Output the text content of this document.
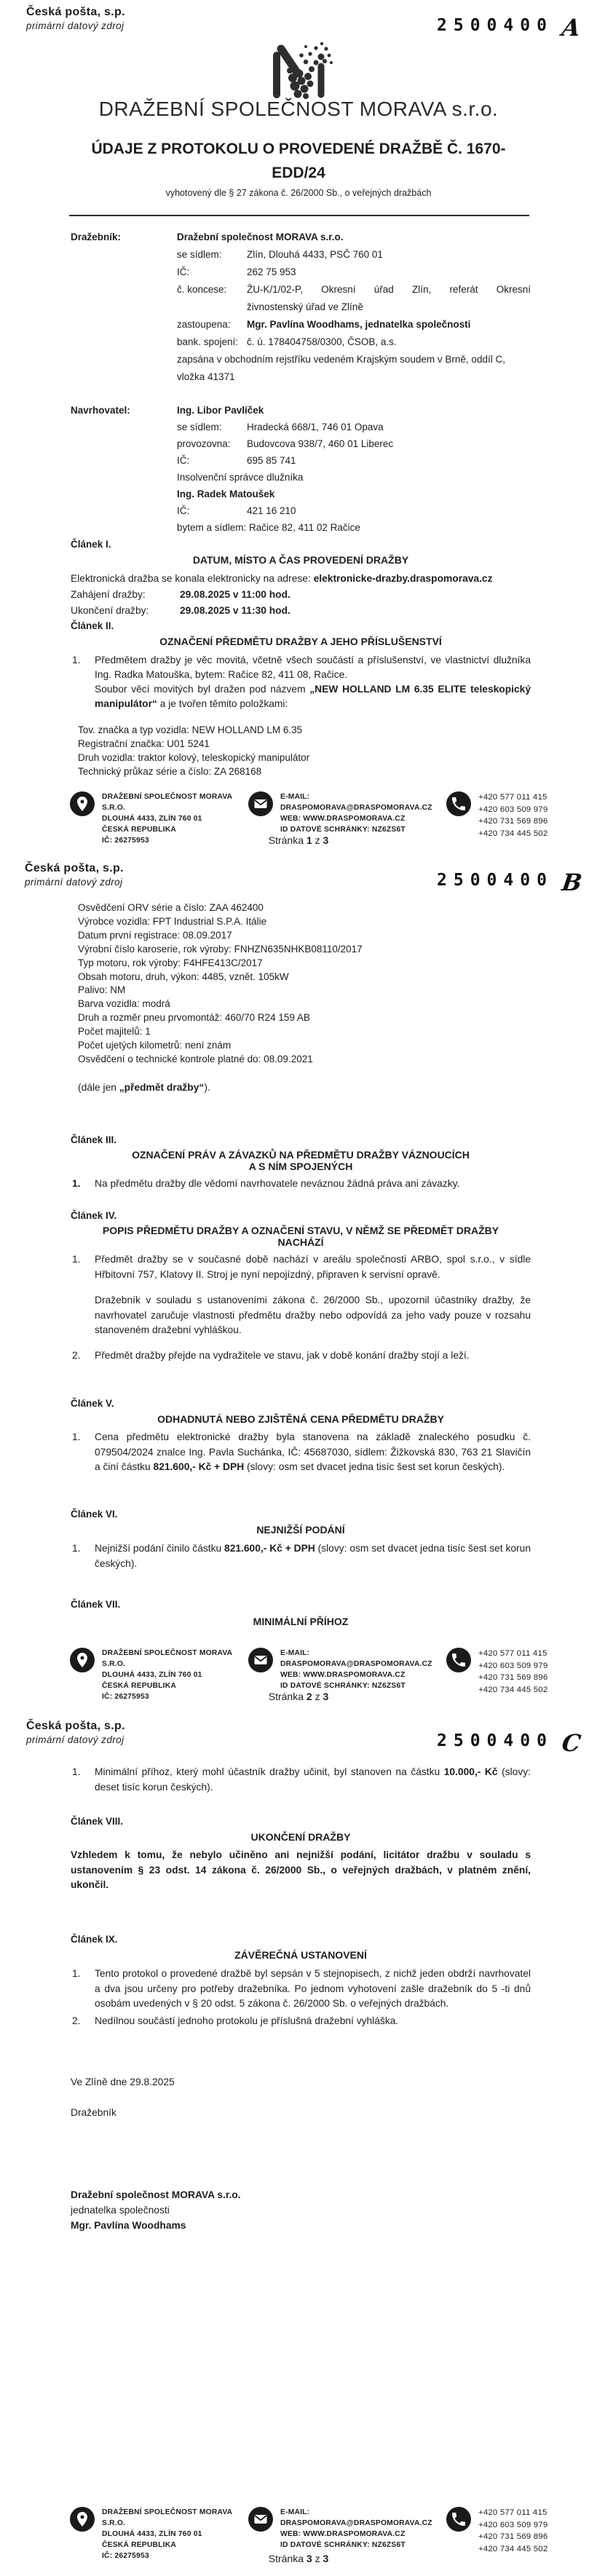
Česká pošta, s.p.
primární datový zdroj	2500400 A
DRAŽEBNÍ SPOLEČNOST MORAVA s.r.o.
ÚDAJE Z PROTOKOLU O PROVEDENÉ DRAŽBĚ Č. 1670-
EDD/24
vyhotovený dle § 27 zákona č. 26/2000 Sb., o veřejných dražbách
Dražebník:	Dražební společnost MORAVA s.r.o.
se sídlem:	Zlín, Dlouhá 4433, PSČ 760 01
IČ:	262 75 953
č. koncese:	ŽU-K/1/02-P, Okresní úřad Zlín, referát Okresní
živnostenský úřad ve Zlíně
zastoupena:	Mgr. Pavlína Woodhams, jednatelka společnosti
bank. spojení: č. ú. 178404758/0300, ČSOB, a.s.
zapsána v obchodním rejstříku vedeném Krajským soudem v Brně, oddíl C,
vložka 41371
Navrhovatel:	Ing. Libor Pavlíček
se sídlem:	Hradecká 668/1, 746 01 Opava
provozovna:	Budovcova 938/7, 460 01 Liberec
IČ:	695 85 741
Insolvenční správce dlužníka
Ing. Radek Matoušek
IČ:	421 16 210
bytem a sídlem: Račice 82, 411 02 Račice
Článek I.
DATUM, MÍSTO A ČAS PROVEDENÍ DRAŽBY
Elektronická dražba se konala elektronicky na adrese: elektronicke-drazby.draspomorava.cz
Zahájení dražby:	29.08.2025 v 11:00 hod.
Ukončení dražby:	29.08.2025 v 11:30 hod.
Článek II.
OZNAČENÍ PŘEDMĚTU DRAŽBY A JEHO PŘÍSLUŠENSTVÍ
1. Předmětem dražby je věc movitá, včetně všech součástí a příslušenství, ve vlastnictví dlužníka Ing. Radka Matouška, bytem: Račice 82, 411 08, Račice.
Soubor věcí movitých byl dražen pod názvem „NEW HOLLAND LM 6.35 ELITE teleskopický manipulátor“ a je tvořen těmito položkami:
Tov. značka a typ vozidla: NEW HOLLAND LM 6.35
Registrační značka: U01 5241
Druh vozidla: traktor kolový, teleskopický manipulátor
Technický průkaz série a číslo: ZA 268168
DRAŽEBNÍ SPOLEČNOST MORAVA S.R.O.
DLOUHÁ 4433, ZLÍN 760 01
ČESKÁ REPUBLIKA
IČ: 26275953
E-MAIL: DRASPOMORAVA@DRASPOMORAVA.CZ
WEB: WWW.DRASPOMORAVA.CZ
ID DATOVÉ SCHRÁNKY: NZ6ZS6T
+420 577 011 415
+420 603 509 979
+420 731 569 896
+420 734 445 502
Stránka 1 z 3
Česká pošta, s.p.
primární datový zdroj	2500400 B
Osvědčení ORV série a číslo: ZAA 462400
Výrobce vozidla: FPT Industrial S.P.A. Itálie
Datum první registrace: 08.09.2017
Výrobní číslo karoserie, rok výroby: FNHZN635NHKB08110/2017
Typ motoru, rok výroby: F4HFE413C/2017
Obsah motoru, druh, výkon: 4485, vznět. 105kW
Palivo: NM
Barva vozidla: modrá
Druh a rozměr pneu prvomontáž: 460/70 R24 159 AB
Počet majitelů: 1
Počet ujetých kilometrů: není znám
Osvědčení o technické kontrole platné do: 08.09.2021
(dále jen „předmět dražby“).
Článek III.
OZNAČENÍ PRÁV A ZÁVAZKŮ NA PŘEDMĚTU DRAŽBY VÁZNOUCÍCH
A S NÍM SPOJENÝCH
1. Na předmětu dražby dle vědomí navrhovatele neváznou žádná práva ani závazky.
Článek IV.
POPIS PŘEDMĚTU DRAŽBY A OZNAČENÍ STAVU, V NĚMŽ SE PŘEDMĚT DRAŽBY
NACHÁZÍ
1. Předmět dražby se v současné době nachází v areálu společnosti ARBO, spol s.r.o., v sídle Hřbitovní 757, Klatovy II. Stroj je nyní nepojízdný, připraven k servisní opravě.
Dražebník v souladu s ustanoveními zákona č. 26/2000 Sb., upozornil účastníky dražby, že navrhovatel zaručuje vlastnosti předmětu dražby nebo odpovídá za jeho vady pouze v rozsahu stanoveném dražební vyhláškou.
2. Předmět dražby přejde na vydražitele ve stavu, jak v době konání dražby stojí a leží.
Článek V.
ODHADNUTÁ NEBO ZJIŠTĚNÁ CENA PŘEDMĚTU DRAŽBY
1. Cena předmětu elektronické dražby byla stanovena na základě znaleckého posudku č. 079504/2024 znalce Ing. Pavla Suchánka, IČ: 45687030, sídlem: Žižkovská 830, 763 21 Slavičín a činí částku 821.600,- Kč + DPH (slovy: osm set dvacet jedna tisíc šest set korun českých).
Článek VI.
NEJNIŽŠÍ PODÁNÍ
1. Nejnižší podání činilo částku 821.600,- Kč + DPH (slovy: osm set dvacet jedna tisíc šest set korun českých).
Článek VII.
MINIMÁLNÍ PŘÍHOZ
DRAŽEBNÍ SPOLEČNOST MORAVA S.R.O.
DLOUHÁ 4433, ZLÍN 760 01
ČESKÁ REPUBLIKA
IČ: 26275953
E-MAIL: DRASPOMORAVA@DRASPOMORAVA.CZ
WEB: WWW.DRASPOMORAVA.CZ
ID DATOVÉ SCHRÁNKY: NZ6ZS6T
+420 577 011 415
+420 603 509 979
+420 731 569 896
+420 734 445 502
Stránka 2 z 3
Česká pošta, s.p.
primární datový zdroj	2500400 C
1. Minimální příhoz, který mohl účastník dražby učinit, byl stanoven na částku 10.000,- Kč (slovy: deset tisíc korun českých).
Článek VIII.
UKONČENÍ DRAŽBY
Vzhledem k tomu, že nebylo učiněno ani nejnižší podání, licitátor dražbu v souladu s ustanovením § 23 odst. 14 zákona č. 26/2000 Sb., o veřejných dražbách, v platném znění, ukončil.
Článek IX.
ZÁVĚREČNÁ USTANOVENÍ
1. Tento protokol o provedené dražbě byl sepsán v 5 stejnopisech, z nichž jeden obdrží navrhovatel a dva jsou určeny pro potřeby dražebníka. Po jednom vyhotovení zašle dražebník do 5 -ti dnů osobám uvedených v § 20 odst. 5 zákona č. 26/2000 Sb. o veřejných dražbách.
2. Nedílnou součástí jednoho protokolu je příslušná dražební vyhláška.
Ve Zlíně dne 29.8.2025
Dražebník
Dražební společnost MORAVA s.r.o.
jednatelka společnosti
Mgr. Pavlína Woodhams
DRAŽEBNÍ SPOLEČNOST MORAVA S.R.O.
DLOUHÁ 4433, ZLÍN 760 01
ČESKÁ REPUBLIKA
IČ: 26275953
E-MAIL: DRASPOMORAVA@DRASPOMORAVA.CZ
WEB: WWW.DRASPOMORAVA.CZ
ID DATOVÉ SCHRÁNKY: NZ6ZS6T
+420 577 011 415
+420 603 509 979
+420 731 569 896
+420 734 445 502
Stránka 3 z 3
